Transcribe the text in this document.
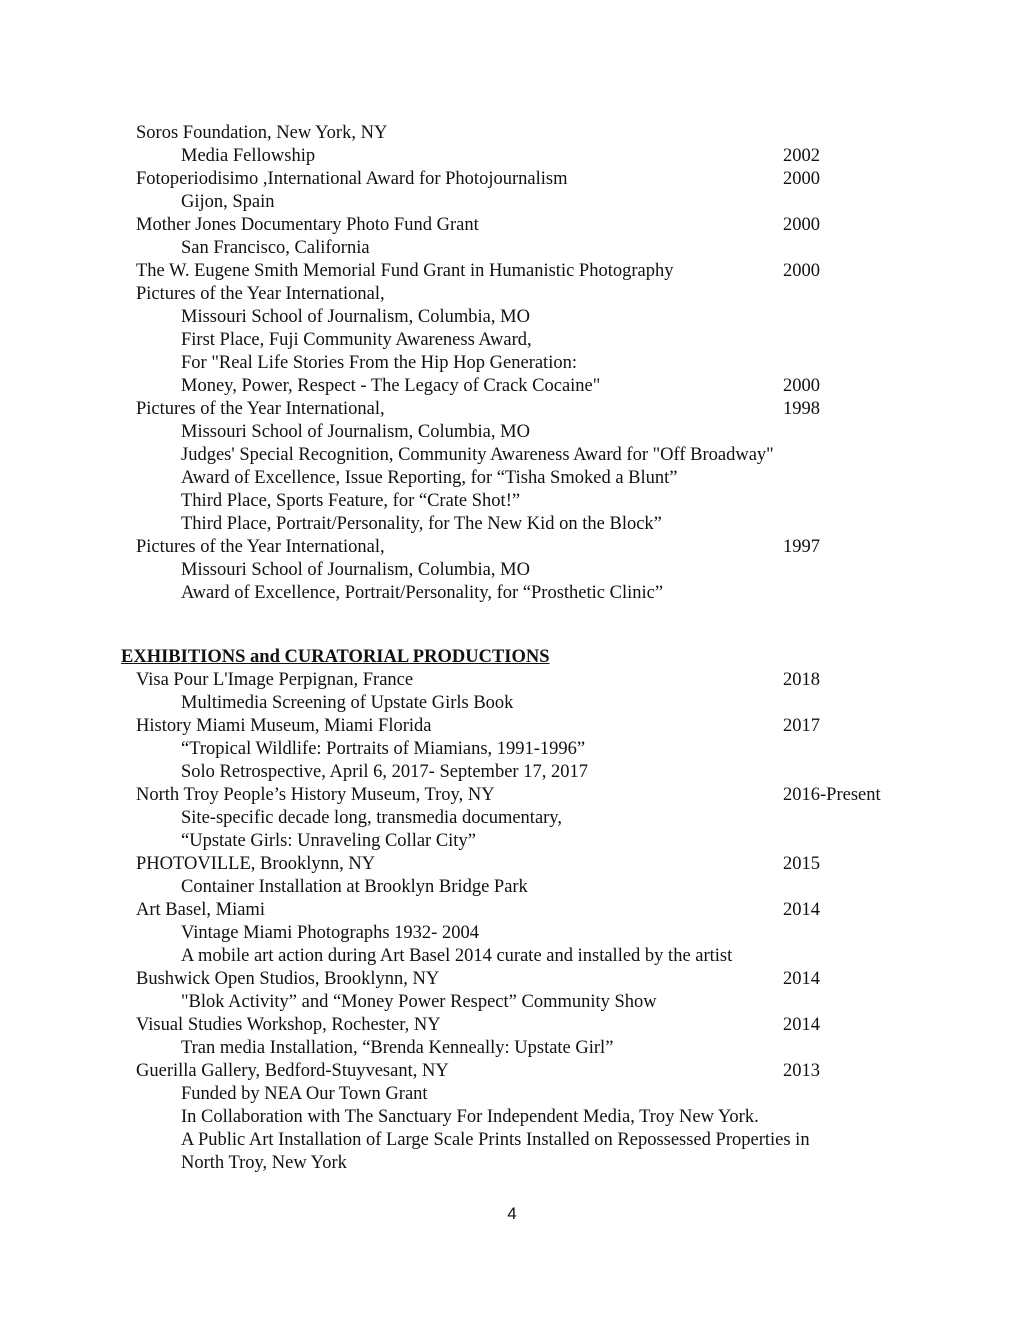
Soros Foundation, New York, NY
Media Fellowship	2002
Fotoperiodisimo ,International Award for Photojournalism	2000
Gijon, Spain
Mother Jones Documentary Photo Fund Grant	2000
San Francisco, California
The W. Eugene Smith Memorial Fund Grant in Humanistic Photography	2000
Pictures of the Year International,
Missouri School of Journalism, Columbia, MO
First Place, Fuji Community Awareness Award,
For "Real Life Stories From the Hip Hop Generation:
Money, Power, Respect - The Legacy of Crack Cocaine"	2000
Pictures of the Year International,	1998
Missouri School of Journalism, Columbia, MO
Judges' Special Recognition, Community Awareness Award for "Off Broadway"
Award of Excellence, Issue Reporting, for “Tisha Smoked a Blunt”
Third Place, Sports Feature, for “Crate Shot!”
Third Place, Portrait/Personality, for The New Kid on the Block”
Pictures of the Year International,	1997
Missouri School of Journalism, Columbia, MO
Award of Excellence, Portrait/Personality, for “Prosthetic Clinic”
EXHIBITIONS and CURATORIAL PRODUCTIONS
Visa Pour L'Image Perpignan, France	2018
Multimedia Screening of Upstate Girls Book
History Miami Museum, Miami Florida	2017
“Tropical Wildlife: Portraits of Miamians, 1991-1996”
Solo Retrospective, April 6, 2017- September 17, 2017
North Troy People’s History Museum, Troy, NY	2016-Present
Site-specific decade long, transmedia documentary,
“Upstate Girls: Unraveling Collar City”
PHOTOVILLE, Brooklynn, NY	2015
Container Installation at Brooklyn Bridge Park
Art Basel, Miami	2014
Vintage Miami Photographs 1932- 2004
A mobile art action during Art Basel 2014 curate and installed by the artist
Bushwick Open Studios, Brooklynn, NY	2014
"Blok Activity” and “Money Power Respect” Community Show
Visual Studies Workshop, Rochester, NY	2014
Tran media Installation, “Brenda Kenneally: Upstate Girl”
Guerilla Gallery, Bedford-Stuyvesant, NY	2013
Funded by NEA Our Town Grant
In Collaboration with The Sanctuary For Independent Media, Troy New York.
A Public Art Installation of Large Scale Prints Installed on Repossessed Properties in
North Troy, New York
4
